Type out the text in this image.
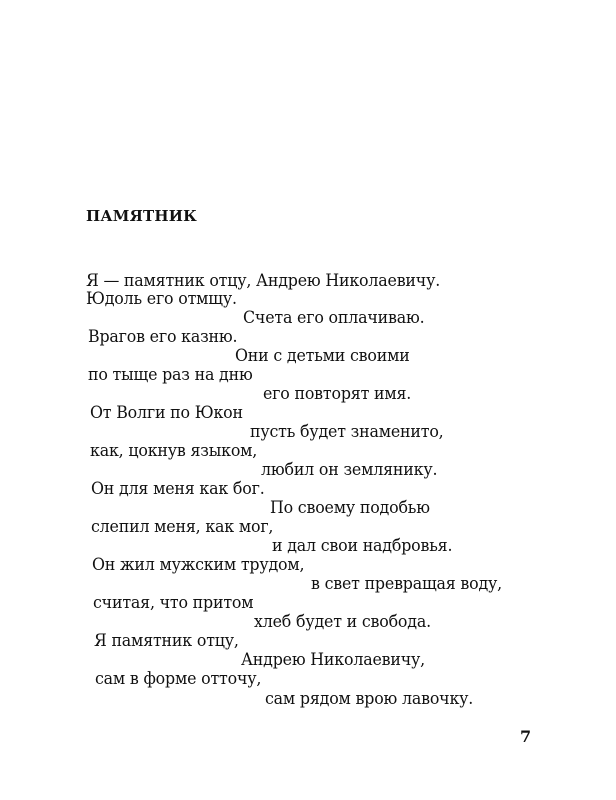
ПАМЯТНИК
Я — памятник отцу, Андрею Николаевичу.
Юдоль его отмщу.
Счета его оплачиваю.
Врагов его казню.
Они с детьми своими
по тыще раз на дню
его повторят имя.
От Волги по Юкон
пусть будет знаменито,
как, цокнув языком,
любил он землянику.
Он для меня как бог.
По своему подобью
слепил меня, как мог,
и дал свои надбровья.
Он жил мужским трудом,
в свет превращая воду,
считая, что притом
хлеб будет и свобода.
Я памятник отцу,
Андрею Николаевичу,
сам в форме отточу,
сам рядом врою лавочку.
7
